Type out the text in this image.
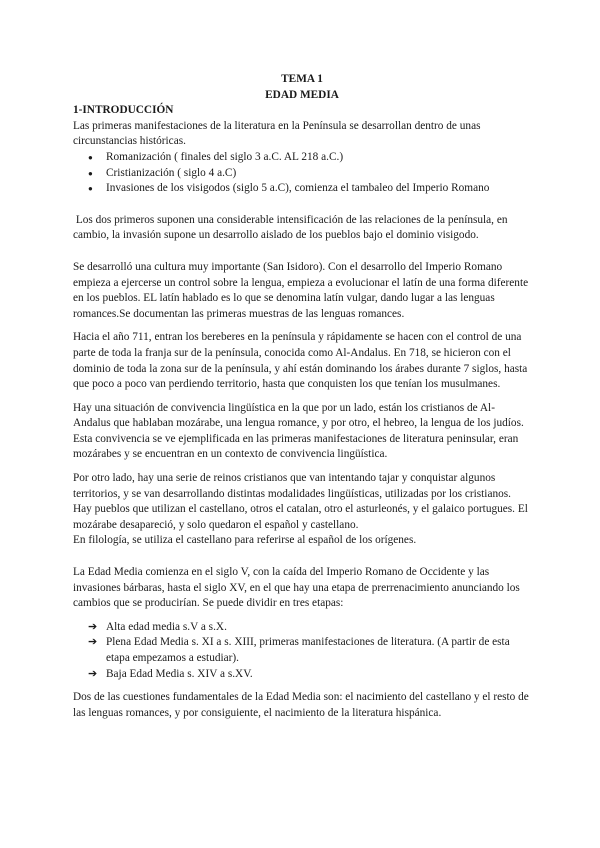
TEMA 1

EDAD MEDIA

1-INTRODUCCIÓN

Las primeras manifestaciones de la literatura en la Península se desarrollan dentro de unas circunstancias históricas.

● Romanización ( finales del siglo 3 a.C. AL 218 a.C.)
● Cristianización ( siglo 4 a.C)
● Invasiones de los visigodos (siglo 5 a.C), comienza el tambaleo del Imperio Romano

Los dos primeros suponen una considerable intensificación de las relaciones de la península, en cambio, la invasión supone un desarrollo aislado de los pueblos bajo el dominio visigodo.

Se desarrolló una cultura muy importante (San Isidoro). Con el desarrollo del Imperio Romano empieza a ejercerse un control sobre la lengua, empieza a evolucionar el latín de una forma diferente en los pueblos. EL latín hablado es lo que se denomina latín vulgar, dando lugar a las lenguas romances.Se documentan las primeras muestras de las lenguas romances.

Hacia el año 711, entran los bereberes en la península y rápidamente se hacen con el control de una parte de toda la franja sur de la península, conocida como Al-Andalus. En 718, se hicieron con el dominio de toda la zona sur de la península, y ahí están dominando los árabes durante 7 siglos, hasta que poco a poco van perdiendo territorio, hasta que conquisten los que tenían los musulmanes.

Hay una situación de convivencia lingüística en la que por un lado, están los cristianos de Al-Andalus que hablaban mozárabe, una lengua romance, y por otro, el hebreo, la lengua de los judíos. Esta convivencia se ve ejemplificada en las primeras manifestaciones de literatura peninsular, eran mozárabes y se encuentran en un contexto de convivencia lingüística.

Por otro lado, hay una serie de reinos cristianos que van intentando tajar y conquistar algunos territorios, y se van desarrollando distintas modalidades lingüísticas, utilizadas por los cristianos. Hay pueblos que utilizan el castellano, otros el catalan, otro el asturleonés, y el galaico portugues. El mozárabe desapareció, y solo quedaron el español y castellano.

En filología, se utiliza el castellano para referirse al español de los orígenes.

La Edad Media comienza en el siglo V, con la caída del Imperio Romano de Occidente y las invasiones bárbaras, hasta el siglo XV, en el que hay una etapa de prerrenacimiento anunciando los cambios que se producirían. Se puede dividir en tres etapas:

➔ Alta edad media s.V a s.X.
➔ Plena Edad Media s. XI a s. XIII, primeras manifestaciones de literatura. (A partir de esta etapa empezamos a estudiar).
➔ Baja Edad Media s. XIV a s.XV.

Dos de las cuestiones fundamentales de la Edad Media son: el nacimiento del castellano y el resto de las lenguas romances, y por consiguiente, el nacimiento de la literatura hispánica.
